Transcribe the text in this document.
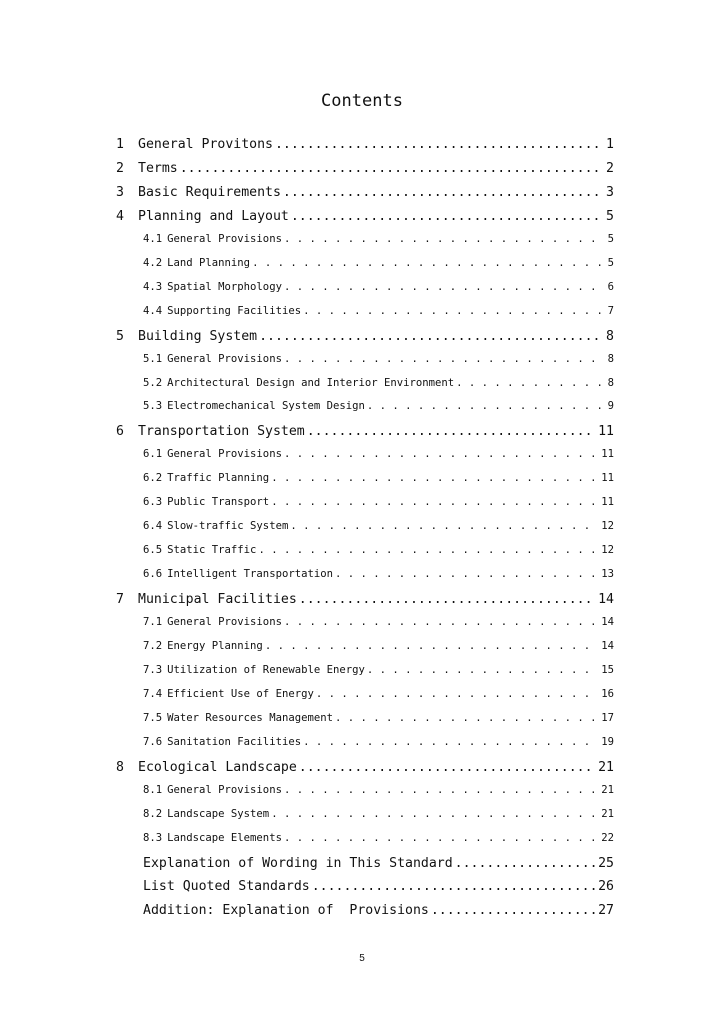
Contents
1	General Provitons .....	1
2	Terms .....	2
3	Basic Requirements .....	3
4	Planning and Layout .....	5
4.1 General Provisions . . .	5
4.2 Land Planning . . .	5
4.3 Spatial Morphology . . .	6
4.4 Supporting Facilities . . .	7
5	Building System .....	8
5.1 General Provisions . . .	8
5.2 Architectural Design and Interior Environment . . .	8
5.3 Electromechanical System Design . . .	9
6	Transportation System .....	11
6.1 General Provisions . . .	11
6.2 Traffic Planning . . .	11
6.3 Public Transport . . .	11
6.4 Slow-traffic System . . .	12
6.5 Static Traffic . . .	12
6.6 Intelligent Transportation . . .	13
7	Municipal Facilities .....	14
7.1 General Provisions . . .	14
7.2 Energy Planning . . .	14
7.3 Utilization of Renewable Energy . . .	15
7.4 Efficient Use of Energy . . .	16
7.5 Water Resources Management . . .	17
7.6 Sanitation Facilities . . .	19
8	Ecological Landscape .....	21
8.1 General Provisions . . .	21
8.2 Landscape System . . .	21
8.3 Landscape Elements . . .	22
Explanation of Wording in This Standard .....	25
List Quoted Standards .....	26
Addition: Explanation of  Provisions .....	27
5
